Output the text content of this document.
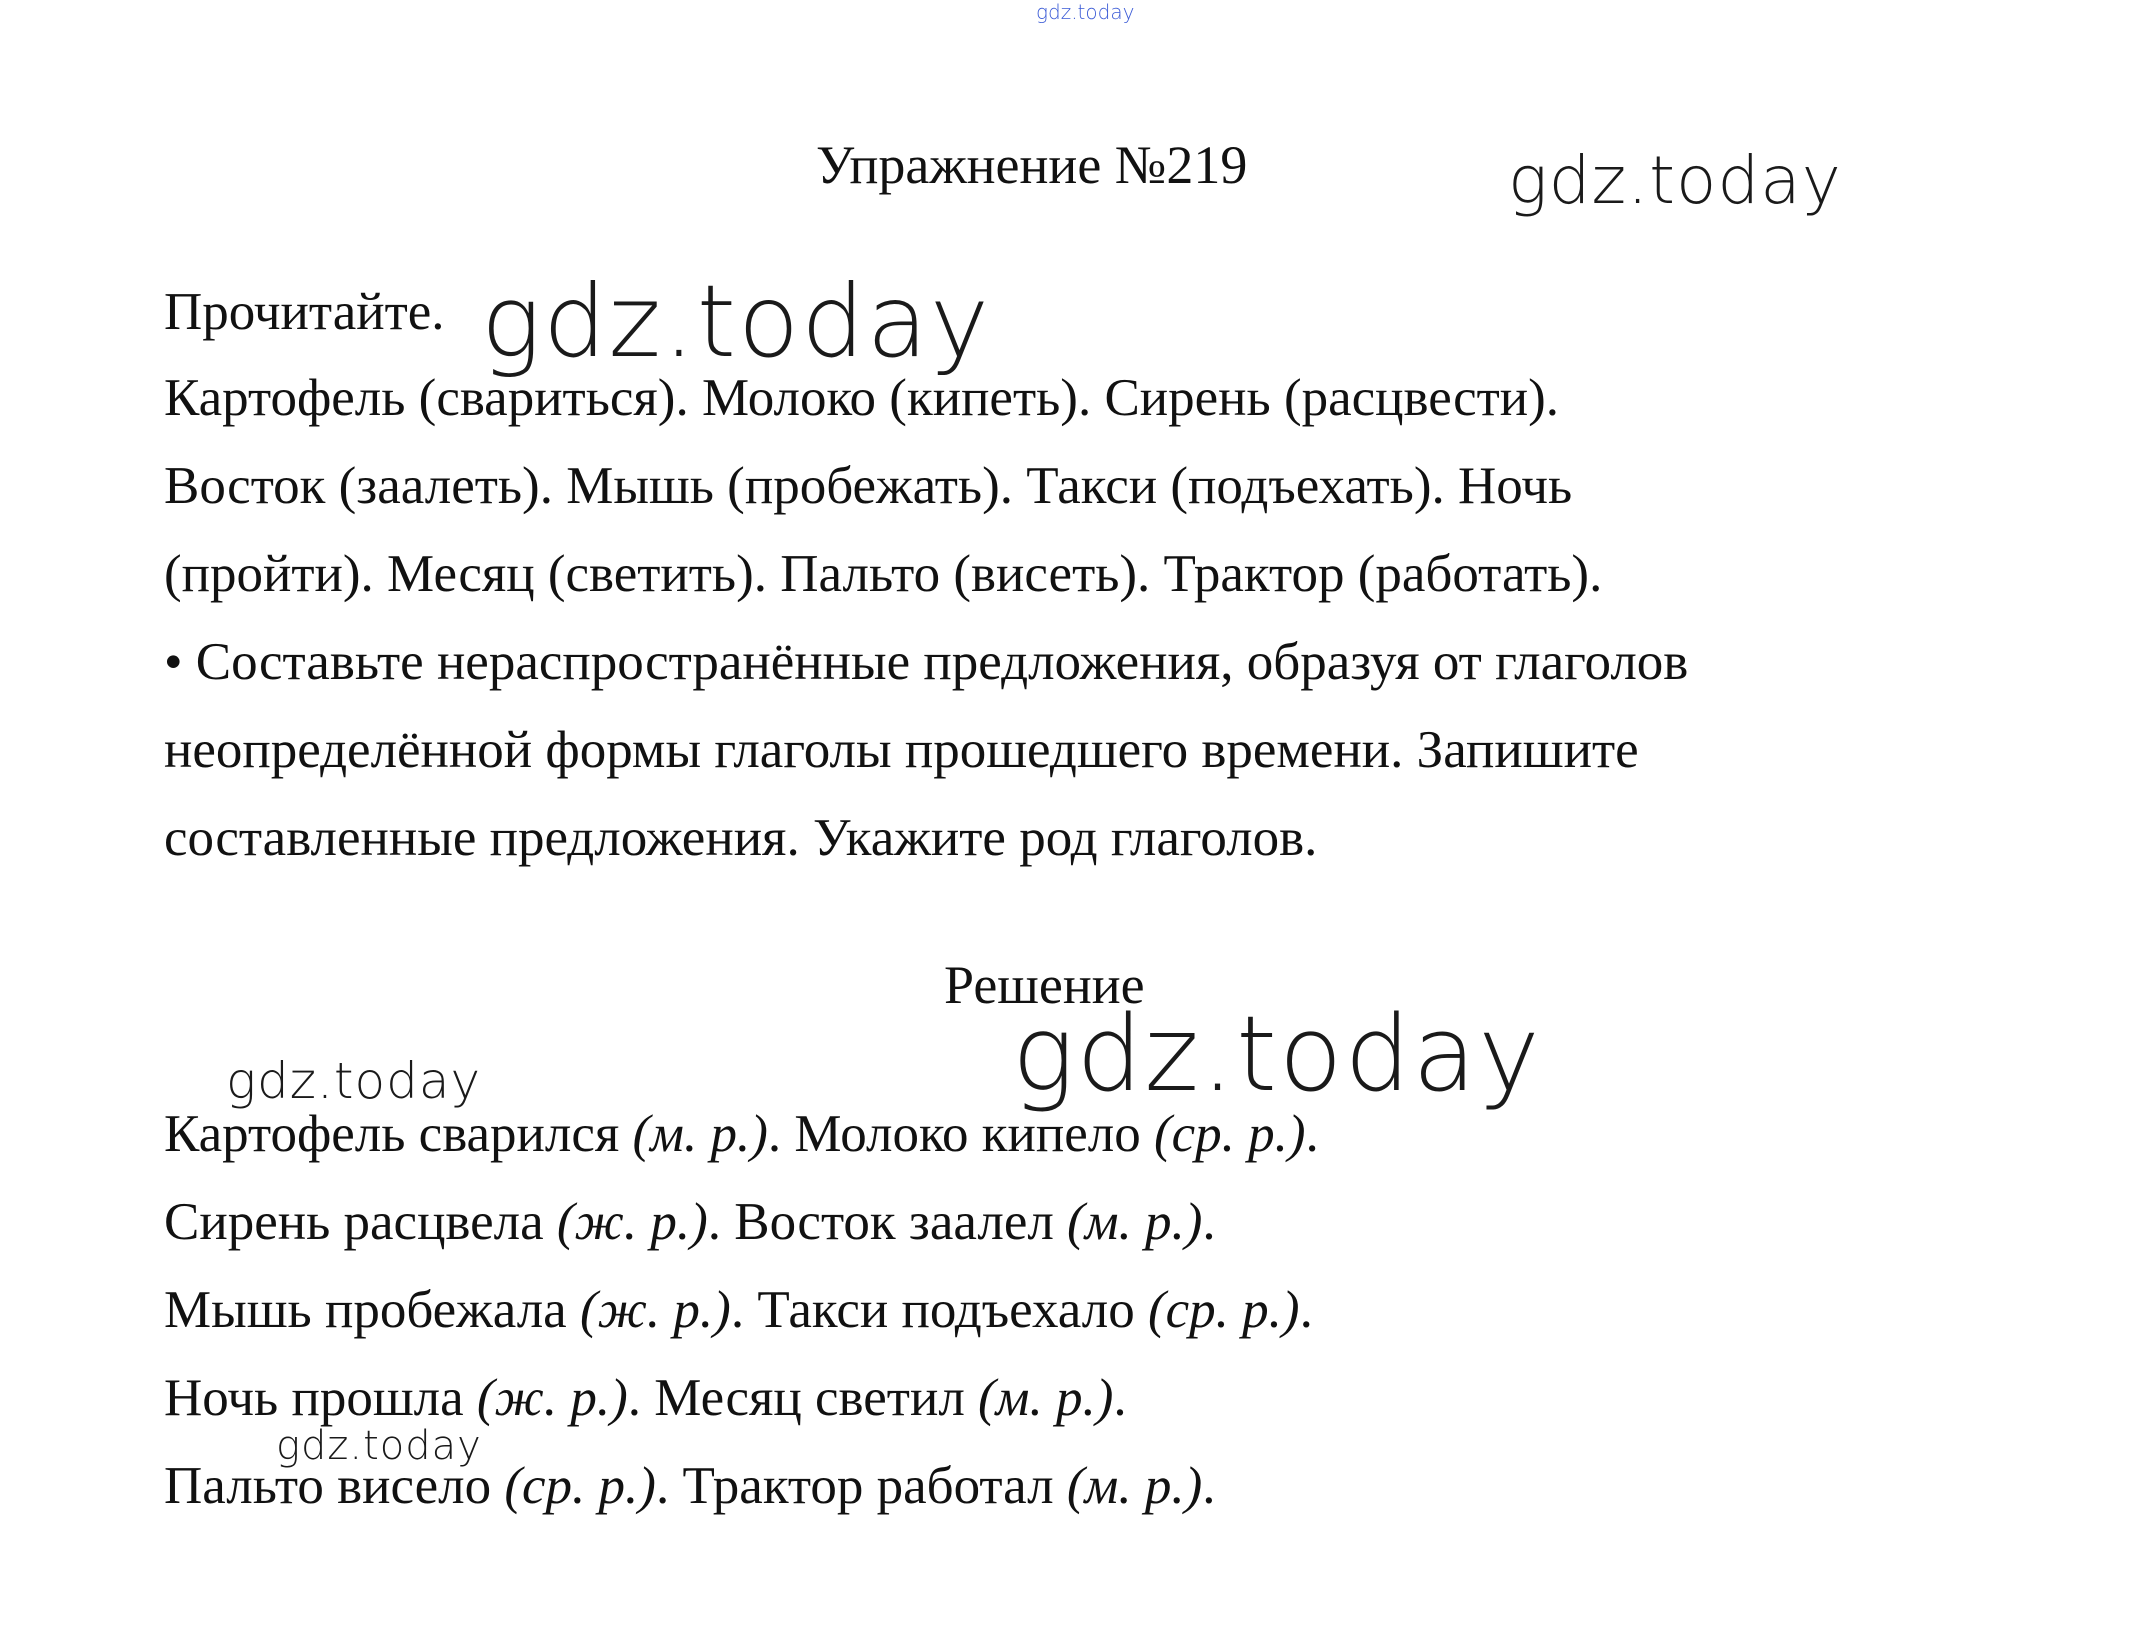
gdz.today
Упражнение №219	gdz.today
Прочитайте. gdz.today
Картофель (свариться). Молоко (кипеть). Сирень (расцвести).
Восток (заалеть). Мышь (пробежать). Такси (подъехать). Ночь
(пройти). Месяц (светить). Пальто (висеть). Трактор (работать).
• Составьте нераспространённые предложения, образуя от глаголов
неопределённой формы глаголы прошедшего времени. Запишите
составленные предложения. Укажите род глаголов.
Решение
gdz.today
gdz.today
Картофель сварился (м. р.). Молоко кипело (ср. р.).
Сирень расцвела (ж. р.). Восток заалел (м. р.).
Мышь пробежала (ж. р.). Такси подъехало (ср. р.).
Ночь прошла (ж. р.). Месяц светил (м. р.).
Пальто висело (ср. р.). Трактор работал (м. р.).
gdz.today
